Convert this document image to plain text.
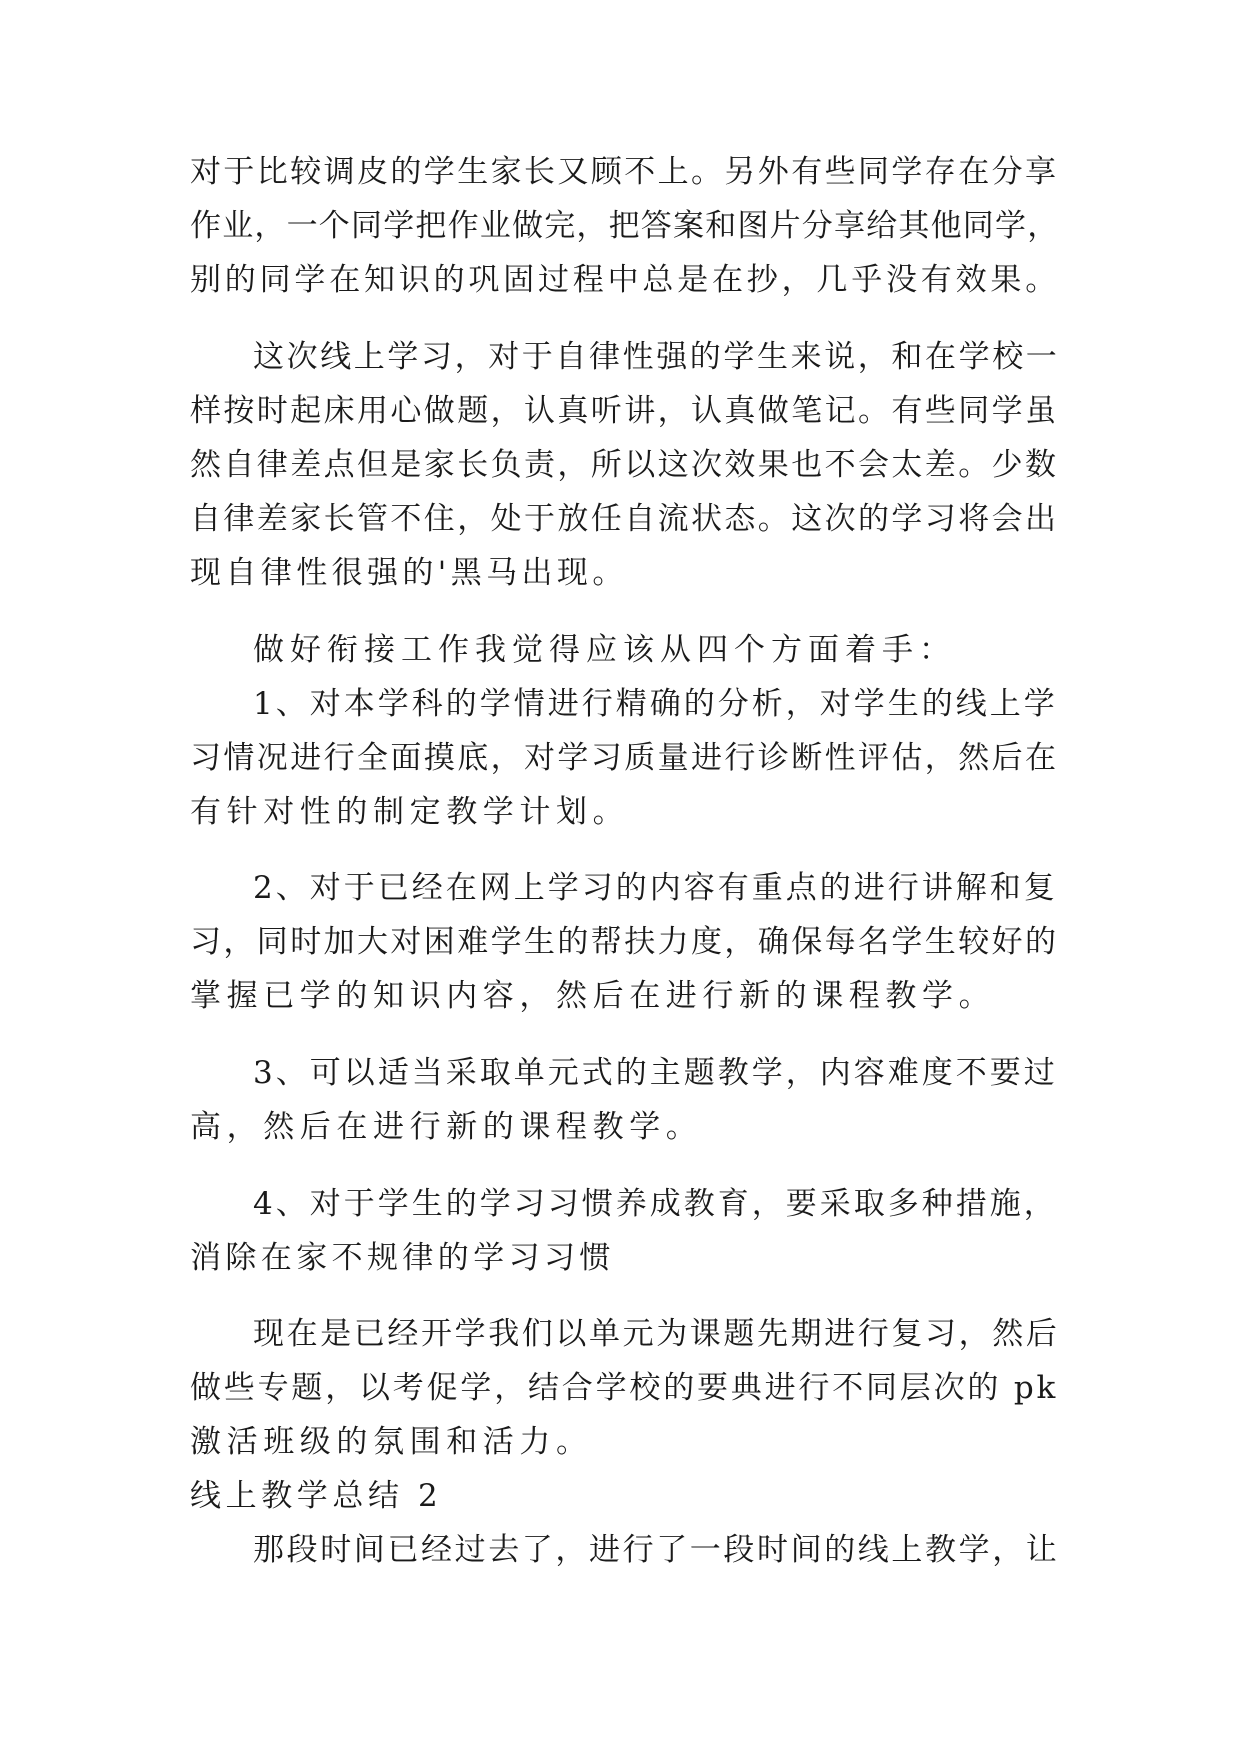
对于比较调皮的学生家长又顾不上。另外有些同学存在分享

作业，一个同学把作业做完，把答案和图片分享给其他同学，

别的同学在知识的巩固过程中总是在抄，几乎没有效果。

这次线上学习，对于自律性强的学生来说，和在学校一

样按时起床用心做题，认真听讲，认真做笔记。有些同学虽

然自律差点但是家长负责，所以这次效果也不会太差。少数

自律差家长管不住，处于放任自流状态。这次的学习将会出

现自律性很强的'黑马出现。

做好衔接工作我觉得应该从四个方面着手：

1、对本学科的学情进行精确的分析，对学生的线上学

习情况进行全面摸底，对学习质量进行诊断性评估，然后在

有针对性的制定教学计划。

2、对于已经在网上学习的内容有重点的进行讲解和复

习，同时加大对困难学生的帮扶力度，确保每名学生较好的

掌握已学的知识内容，然后在进行新的课程教学。

3、可以适当采取单元式的主题教学，内容难度不要过

高，然后在进行新的课程教学。

4、对于学生的学习习惯养成教育，要采取多种措施，

消除在家不规律的学习习惯

现在是已经开学我们以单元为课题先期进行复习，然后

做些专题，以考促学，结合学校的要典进行不同层次的 pk

激活班级的氛围和活力。

线上教学总结 2

那段时间已经过去了，进行了一段时间的线上教学，让
